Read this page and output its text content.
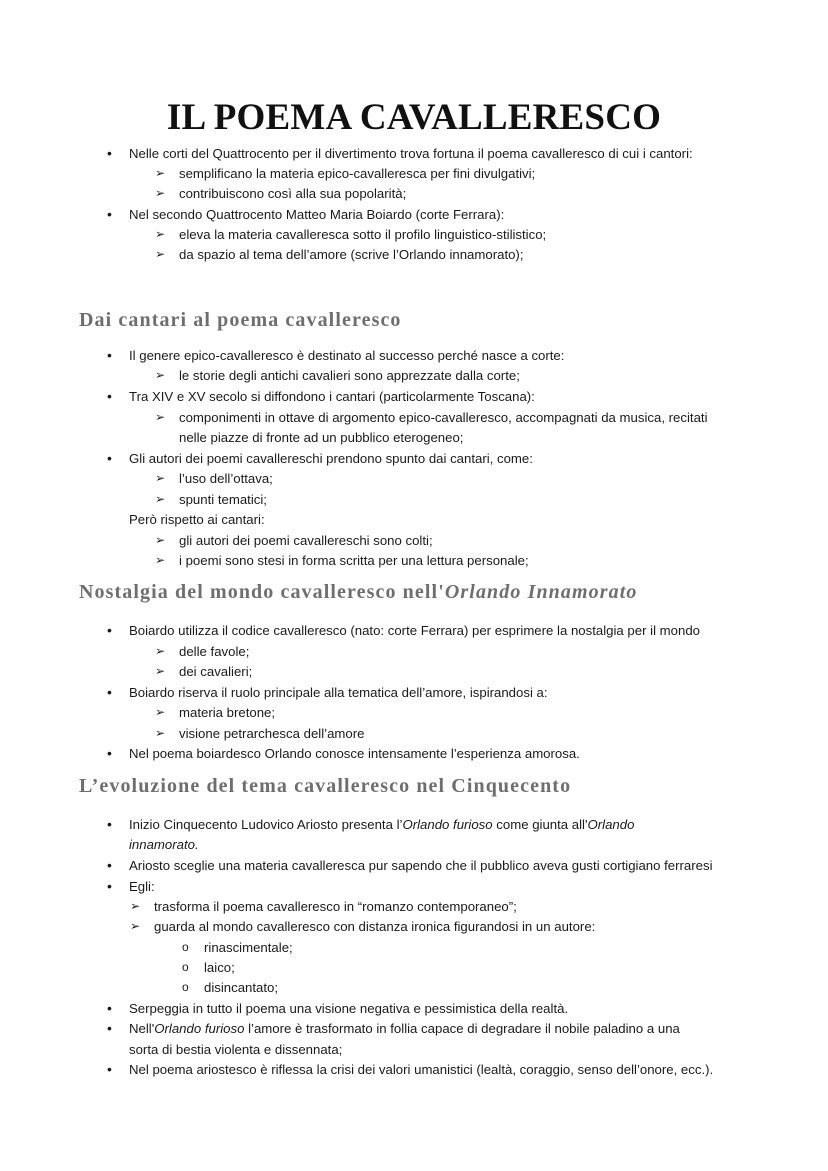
IL POEMA CAVALLERESCO
• Nelle corti del Quattrocento per il divertimento trova fortuna il poema cavalleresco di cui i cantori:
➢ semplificano la materia epico-cavalleresca per fini divulgativi;
➢ contribuiscono così alla sua popolarità;
• Nel secondo Quattrocento Matteo Maria Boiardo (corte Ferrara):
➢ eleva la materia cavalleresca sotto il profilo linguistico-stilistico;
➢ da spazio al tema dell’amore (scrive l’Orlando innamorato);
Dai cantari al poema cavalleresco
• Il genere epico-cavalleresco è destinato al successo perché nasce a corte:
➢ le storie degli antichi cavalieri sono apprezzate dalla corte;
• Tra XIV e XV secolo si diffondono i cantari (particolarmente Toscana):
➢ componimenti in ottave di argomento epico-cavalleresco, accompagnati da musica, recitati
nelle piazze di fronte ad un pubblico eterogeneo;
• Gli autori dei poemi cavallereschi prendono spunto dai cantari, come:
➢ l’uso dell’ottava;
➢ spunti tematici;
Però rispetto ai cantari:
➢ gli autori dei poemi cavallereschi sono colti;
➢ i poemi sono stesi in forma scritta per una lettura personale;
Nostalgia del mondo cavalleresco nell'Orlando Innamorato
• Boiardo utilizza il codice cavalleresco (nato: corte Ferrara) per esprimere la nostalgia per il mondo
➢ delle favole;
➢ dei cavalieri;
• Boiardo riserva il ruolo principale alla tematica dell’amore, ispirandosi a:
➢ materia bretone;
➢ visione petrarchesca dell’amore
• Nel poema boiardesco Orlando conosce intensamente l’esperienza amorosa.
L’evoluzione del tema cavalleresco nel Cinquecento
• Inizio Cinquecento Ludovico Ariosto presenta l’Orlando furioso come giunta all'Orlando
innamorato.
• Ariosto sceglie una materia cavalleresca pur sapendo che il pubblico aveva gusti cortigiano ferraresi
• Egli:
➢ trasforma il poema cavalleresco in “romanzo contemporaneo”;
➢ guarda al mondo cavalleresco con distanza ironica figurandosi in un autore:
o rinascimentale;
o laico;
o disincantato;
• Serpeggia in tutto il poema una visione negativa e pessimistica della realtà.
• Nell'Orlando furioso l’amore è trasformato in follia capace di degradare il nobile paladino a una
sorta di bestia violenta e dissennata;
• Nel poema ariostesco è riflessa la crisi dei valori umanistici (lealtà, coraggio, senso dell’onore, ecc.).
